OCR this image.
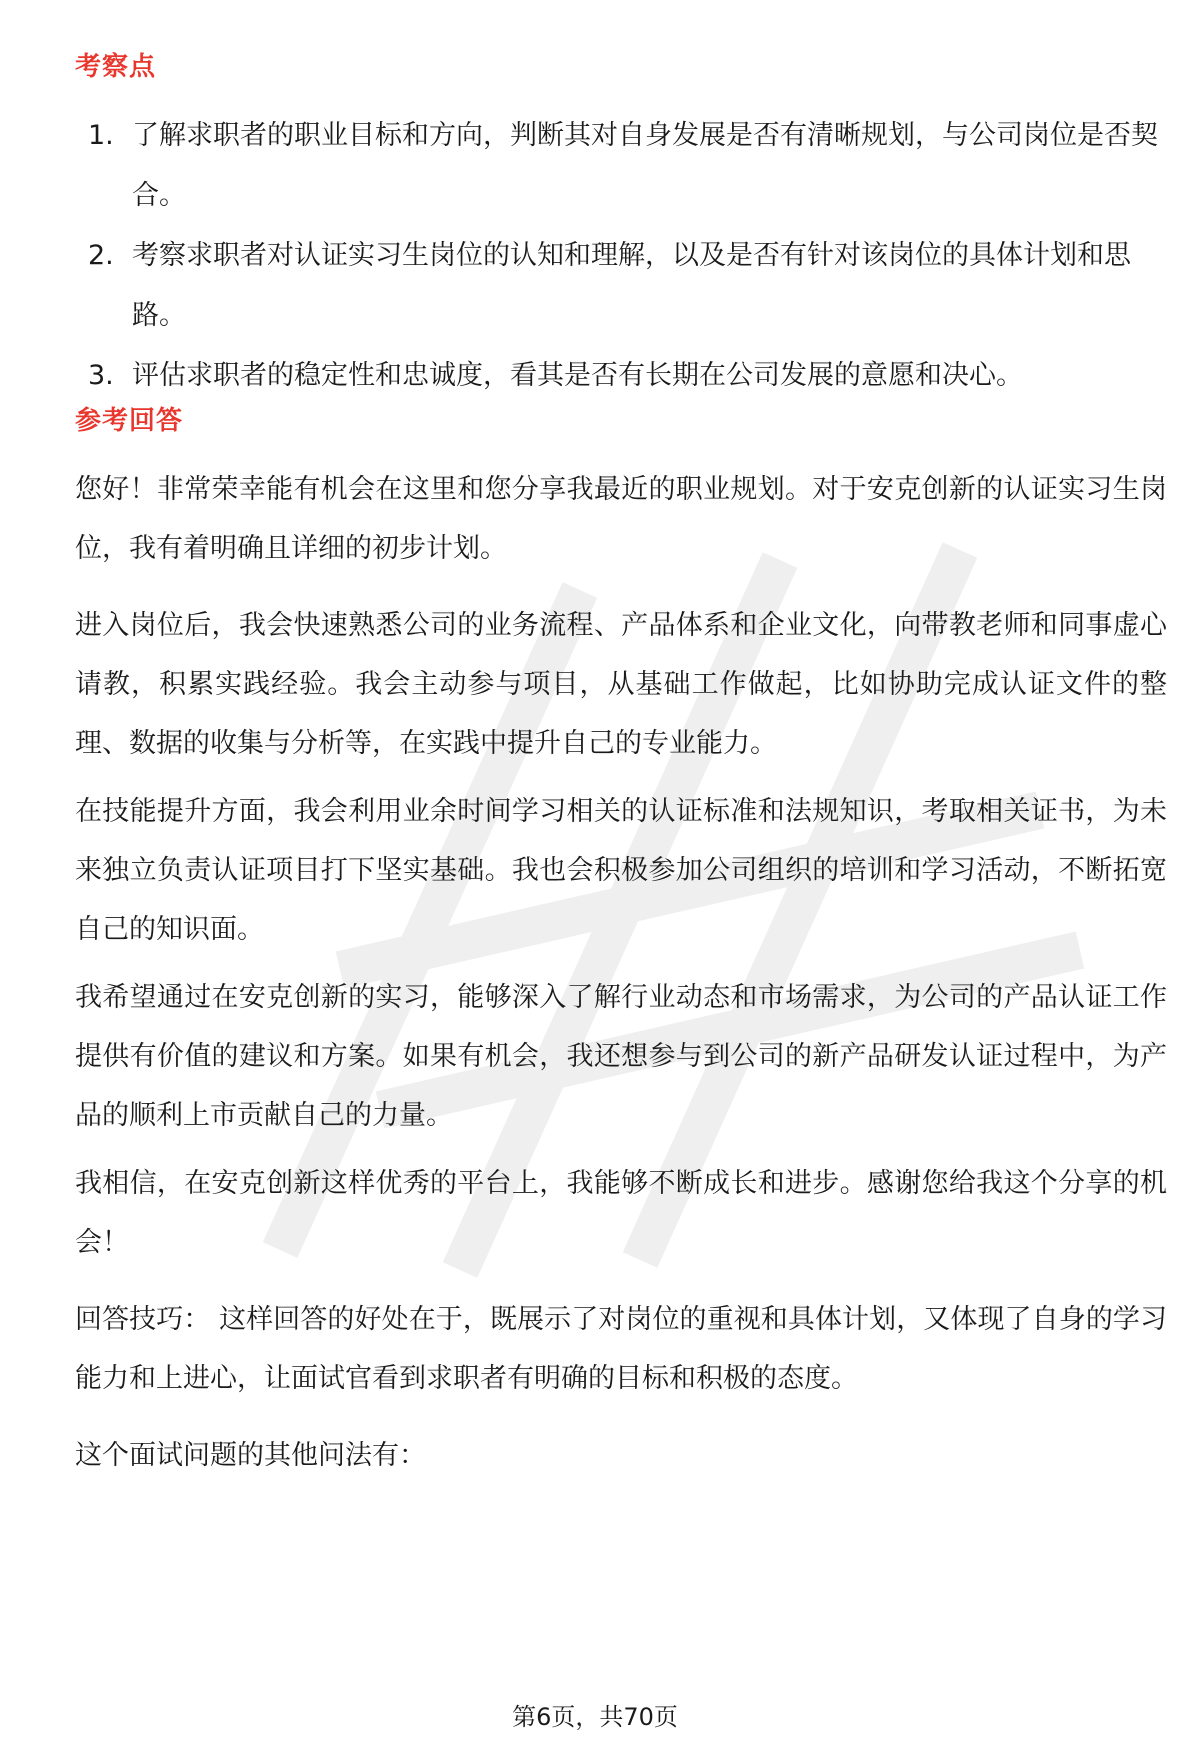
考察点
1. 了解求职者的职业目标和方向，判断其对自身发展是否有清晰规划，与公司岗位是否契合。
2. 考察求职者对认证实习生岗位的认知和理解，以及是否有针对该岗位的具体计划和思路。
3. 评估求职者的稳定性和忠诚度，看其是否有长期在公司发展的意愿和决心。
参考回答

您好！非常荣幸能有机会在这里和您分享我最近的职业规划。对于安克创新的认证实习生岗位，我有着明确且详细的初步计划。

进入岗位后，我会快速熟悉公司的业务流程、产品体系和企业文化，向带教老师和同事虚心请教，积累实践经验。我会主动参与项目，从基础工作做起，比如协助完成认证文件的整理、数据的收集与分析等，在实践中提升自己的专业能力。

在技能提升方面，我会利用业余时间学习相关的认证标准和法规知识，考取相关证书，为未来独立负责认证项目打下坚实基础。我也会积极参加公司组织的培训和学习活动，不断拓宽自己的知识面。

我希望通过在安克创新的实习，能够深入了解行业动态和市场需求，为公司的产品认证工作提供有价值的建议和方案。如果有机会，我还想参与到公司的新产品研发认证过程中，为产品的顺利上市贡献自己的力量。

我相信，在安克创新这样优秀的平台上，我能够不断成长和进步。感谢您给我这个分享的机会！

回答技巧： 这样回答的好处在于，既展示了对岗位的重视和具体计划，又体现了自身的学习能力和上进心，让面试官看到求职者有明确的目标和积极的态度。

这个面试问题的其他问法有：

第6页，共70页
